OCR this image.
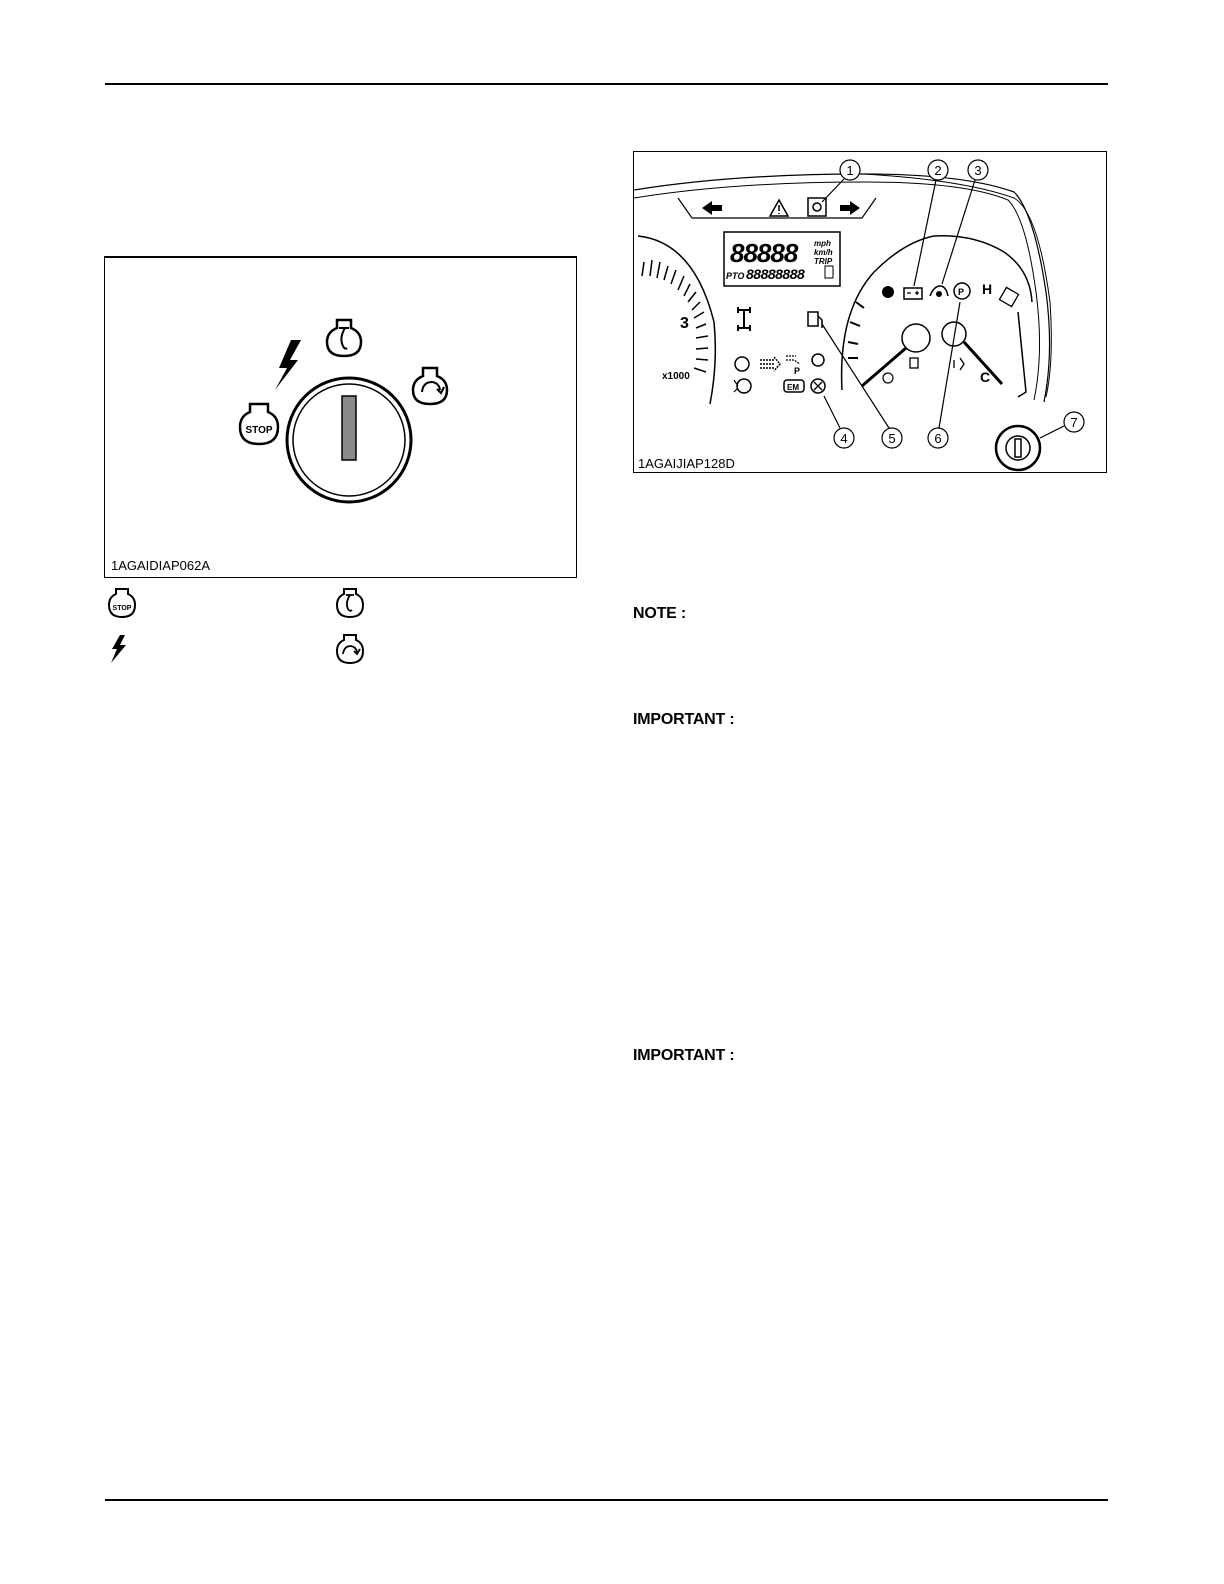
STOP
1AGAIDIAP062A
STOP
88888 mph
km/h
TRIP
PTO 88888888
3
x1000	P
EM
H
C
P
1	2	3
4	5	6
7
1AGAIJIAP128D
NOTE :
IMPORTANT :
IMPORTANT :
